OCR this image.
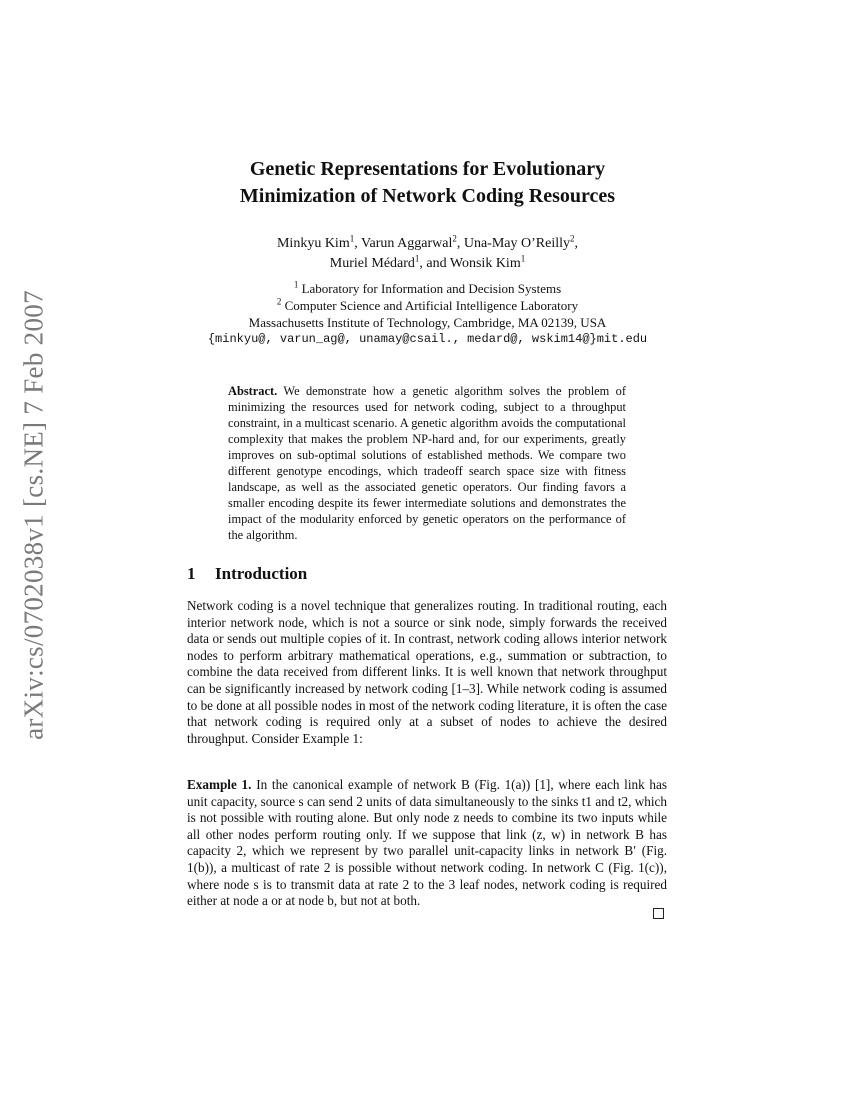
arXiv:cs/0702038v1 [cs.NE] 7 Feb 2007
Genetic Representations for Evolutionary
Minimization of Network Coding Resources
Minkyu Kim$^1$, Varun Aggarwal$^2$, Una-May O’Reilly$^2$,
Muriel Médard$^1$, and Wonsik Kim$^1$
$^1$ Laboratory for Information and Decision Systems
$^2$ Computer Science and Artificial Intelligence Laboratory
Massachusetts Institute of Technology, Cambridge, MA 02139, USA
{minkyu@, varun_ag@, unamay@csail., medard@, wskim14@}mit.edu
Abstract. We demonstrate how a genetic algorithm solves the problem of minimizing the resources used for network coding, subject to a throughput constraint, in a multicast scenario. A genetic algorithm avoids the computational complexity that makes the problem NP-hard and, for our experiments, greatly improves on sub-optimal solutions of established methods. We compare two different genotype encodings, which tradeoff search space size with fitness landscape, as well as the associated genetic operators. Our finding favors a smaller encoding despite its fewer intermediate solutions and demonstrates the impact of the modularity enforced by genetic operators on the performance of the algorithm.
1 Introduction
Network coding is a novel technique that generalizes routing. In traditional routing, each interior network node, which is not a source or sink node, simply forwards the received data or sends out multiple copies of it. In contrast, network coding allows interior network nodes to perform arbitrary mathematical operations, e.g., summation or subtraction, to combine the data received from different links. It is well known that network throughput can be significantly increased by network coding [1–3]. While network coding is assumed to be done at all possible nodes in most of the network coding literature, it is often the case that network coding is required only at a subset of nodes to achieve the desired throughput. Consider Example 1:
Example 1. In the canonical example of network B (Fig. 1(a)) [1], where each link has unit capacity, source s can send 2 units of data simultaneously to the sinks t1 and t2, which is not possible with routing alone. But only node z needs to combine its two inputs while all other nodes perform routing only. If we suppose that link (z, w) in network B has capacity 2, which we represent by two parallel unit-capacity links in network B′ (Fig. 1(b)), a multicast of rate 2 is possible without network coding. In network C (Fig. 1(c)), where node s is to transmit data at rate 2 to the 3 leaf nodes, network coding is required either at node a or at node b, but not at both.
